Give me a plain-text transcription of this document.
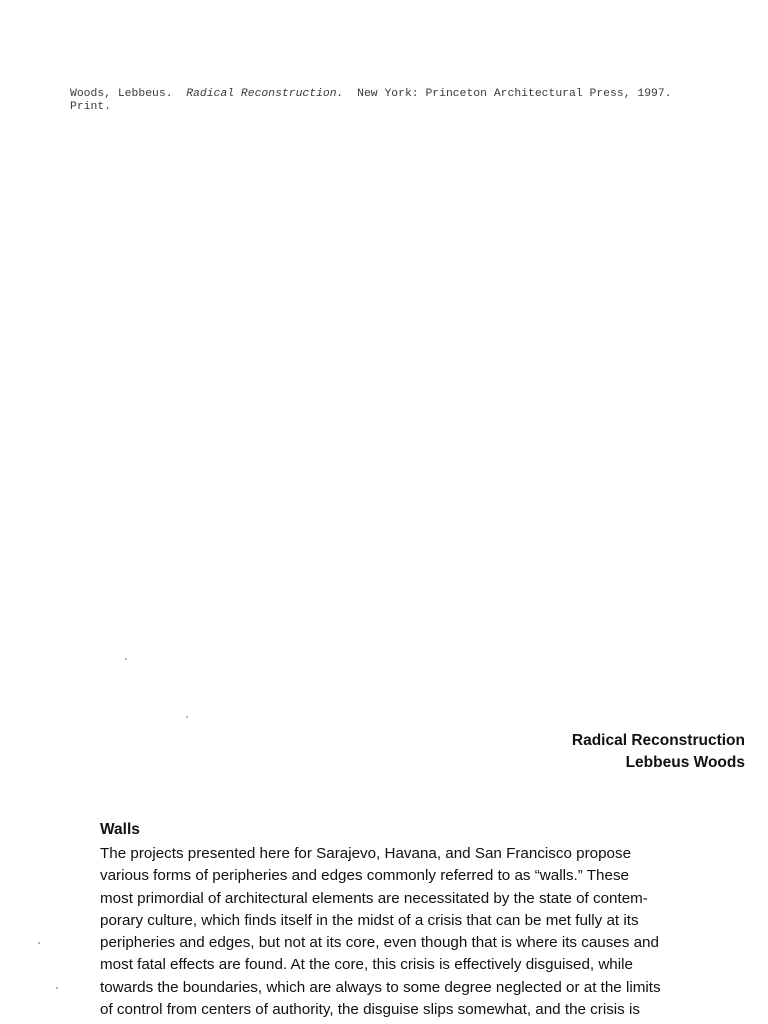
Woods, Lebbeus.  Radical Reconstruction.  New York: Princeton Architectural Press, 1997.
Print.
Radical Reconstruction
Lebbeus Woods
Walls
The projects presented here for Sarajevo, Havana, and San Francisco propose
various forms of peripheries and edges commonly referred to as “walls.” These
most primordial of architectural elements are necessitated by the state of contem-
porary culture, which finds itself in the midst of a crisis that can be met fully at its
peripheries and edges, but not at its core, even though that is where its causes and
most fatal effects are found. At the core, this crisis is effectively disguised, while
towards the boundaries, which are always to some degree neglected or at the limits
of control from centers of authority, the disguise slips somewhat, and the crisis is
